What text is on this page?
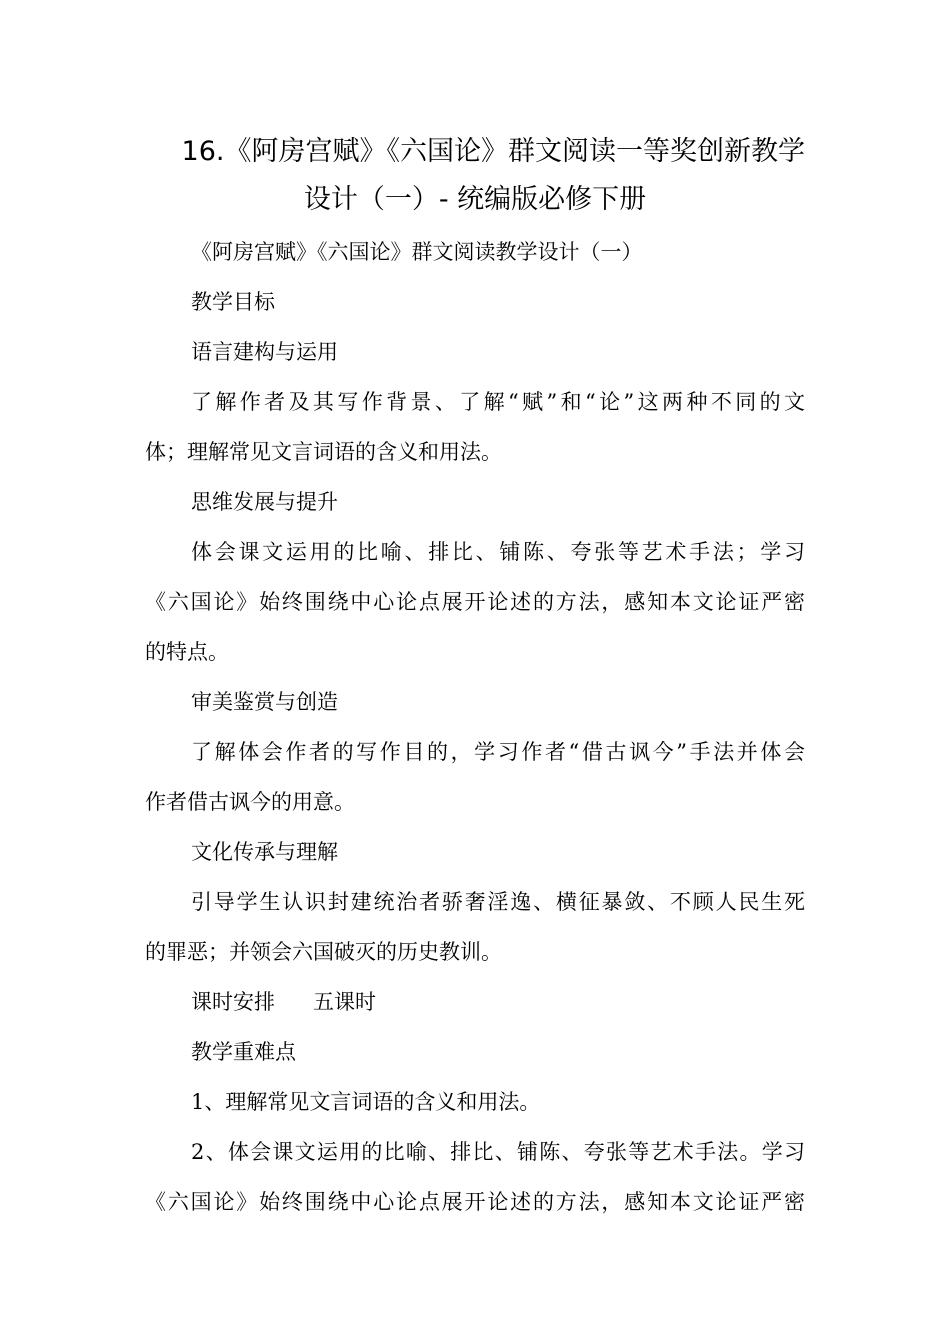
16.《阿房宫赋》《六国论》群文阅读一等奖创新教学
设计（一）- 统编版必修下册
《阿房宫赋》《六国论》群文阅读教学设计（一）
教学目标
语言建构与运用
了解作者及其写作背景、了解“赋”和“论”这两种不同的文
体；理解常见文言词语的含义和用法。
思维发展与提升
体会课文运用的比喻、排比、铺陈、夸张等艺术手法；学习
《六国论》始终围绕中心论点展开论述的方法，感知本文论证严密
的特点。
审美鉴赏与创造
了解体会作者的写作目的，学习作者“借古讽今”手法并体会
作者借古讽今的用意。
文化传承与理解
引导学生认识封建统治者骄奢淫逸、横征暴敛、不顾人民生死
的罪恶；并领会六国破灭的历史教训。
课时安排 五课时
教学重难点
1、理解常见文言词语的含义和用法。
2、体会课文运用的比喻、排比、铺陈、夸张等艺术手法。学习
《六国论》始终围绕中心论点展开论述的方法，感知本文论证严密
